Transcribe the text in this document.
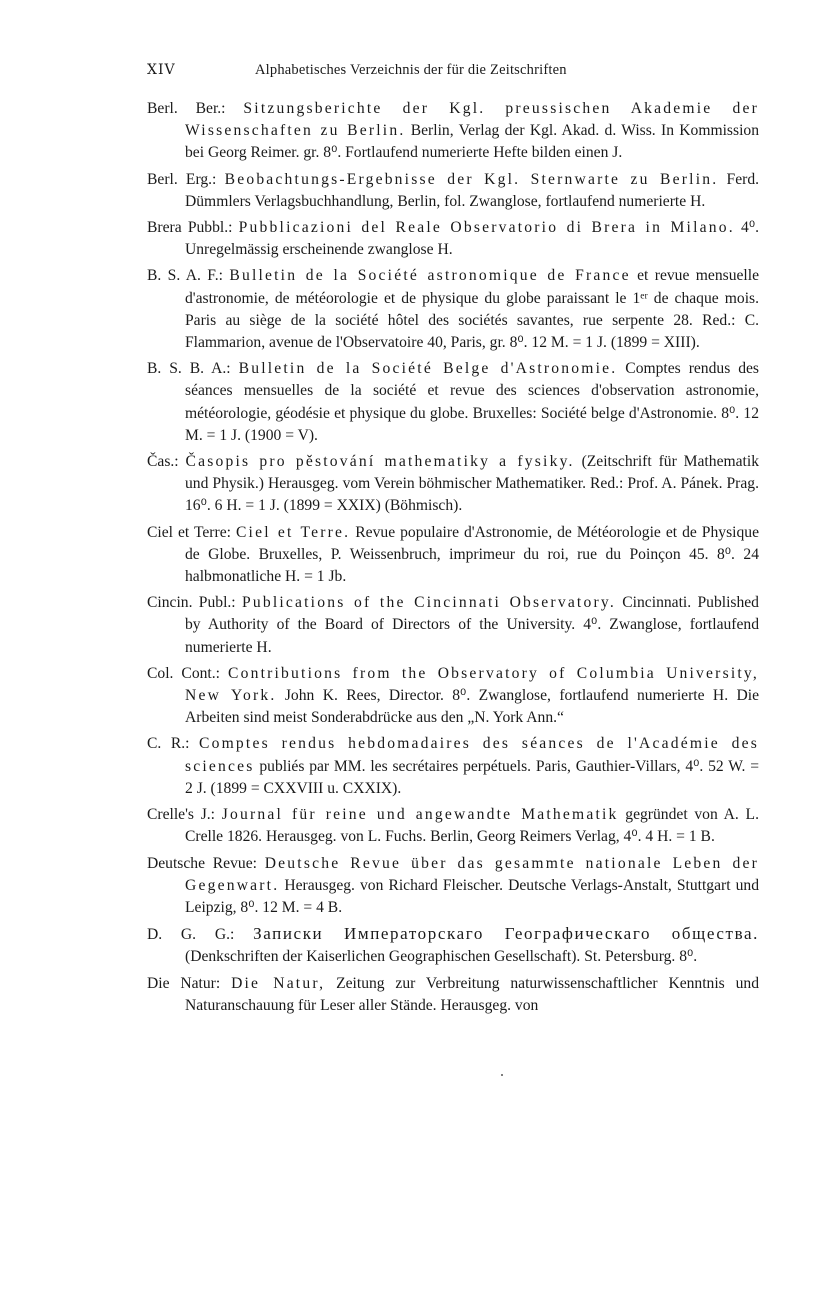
XIV	Alphabetisches Verzeichnis der für die Zeitschriften

Berl. Ber.: Sitzungsberichte der Kgl. preussischen Akademie der Wissenschaften zu Berlin. Berlin, Verlag der Kgl. Akad. d. Wiss. In Kommission bei Georg Reimer. gr. 8⁰. Fortlaufend numerierte Hefte bilden einen J.

Berl. Erg.: Beobachtungs-Ergebnisse der Kgl. Sternwarte zu Berlin. Ferd. Dümmlers Verlagsbuchhandlung, Berlin, fol. Zwanglose, fortlaufend numerierte H.

Brera Pubbl.: Pubblicazioni del Reale Observatorio di Brera in Milano. 4⁰. Unregelmässig erscheinende zwanglose H.

B. S. A. F.: Bulletin de la Société astronomique de France et revue mensuelle d'astronomie, de météorologie et de physique du globe paraissant le 1ᵉʳ de chaque mois. Paris au siège de la société hôtel des sociétés savantes, rue serpente 28. Red.: C. Flammarion, avenue de l'Observatoire 40, Paris, gr. 8⁰. 12 M. = 1 J. (1899 = XIII).

B. S. B. A.: Bulletin de la Société Belge d'Astronomie. Comptes rendus des séances mensuelles de la société et revue des sciences d'observation astronomie, météorologie, géodésie et physique du globe. Bruxelles: Société belge d'Astronomie. 8⁰. 12 M. = 1 J. (1900 = V).

Čas.: Časopis pro pěstování mathematiky a fysiky. (Zeitschrift für Mathematik und Physik.) Herausgeg. vom Verein böhmischer Mathematiker. Red.: Prof. A. Pánek. Prag. 16⁰. 6 H. = 1 J. (1899 = XXIX) (Böhmisch).

Ciel et Terre: Ciel et Terre. Revue populaire d'Astronomie, de Météorologie et de Physique de Globe. Bruxelles, P. Weissenbruch, imprimeur du roi, rue du Poinçon 45. 8⁰. 24 halbmonatliche H. = 1 Jb.

Cincin. Publ.: Publications of the Cincinnati Observatory. Cincinnati. Published by Authority of the Board of Directors of the University. 4⁰. Zwanglose, fortlaufend numerierte H.

Col. Cont.: Contributions from the Observatory of Columbia University, New York. John K. Rees, Director. 8⁰. Zwanglose, fortlaufend numerierte H. Die Arbeiten sind meist Sonderabdrücke aus den „N. York Ann.“

C. R.: Comptes rendus hebdomadaires des séances de l'Académie des sciences publiés par MM. les secrétaires perpétuels. Paris, Gauthier-Villars, 4⁰. 52 W. = 2 J. (1899 = CXXVIII u. CXXIX).

Crelle's J.: Journal für reine und angewandte Mathematik gegründet von A. L. Crelle 1826. Herausgeg. von L. Fuchs. Berlin, Georg Reimers Verlag, 4⁰. 4 H. = 1 B.

Deutsche Revue: Deutsche Revue über das gesammte nationale Leben der Gegenwart. Herausgeg. von Richard Fleischer. Deutsche Verlags-Anstalt, Stuttgart und Leipzig, 8⁰. 12 M. = 4 B.

D. G. G.: Записки Императорскаго Географическаго общества. (Denkschriften der Kaiserlichen Geographischen Gesellschaft). St. Petersburg. 8⁰.

Die Natur: Die Natur, Zeitung zur Verbreitung naturwissenschaftlicher Kenntnis und Naturanschauung für Leser aller Stände. Herausgeg. von
